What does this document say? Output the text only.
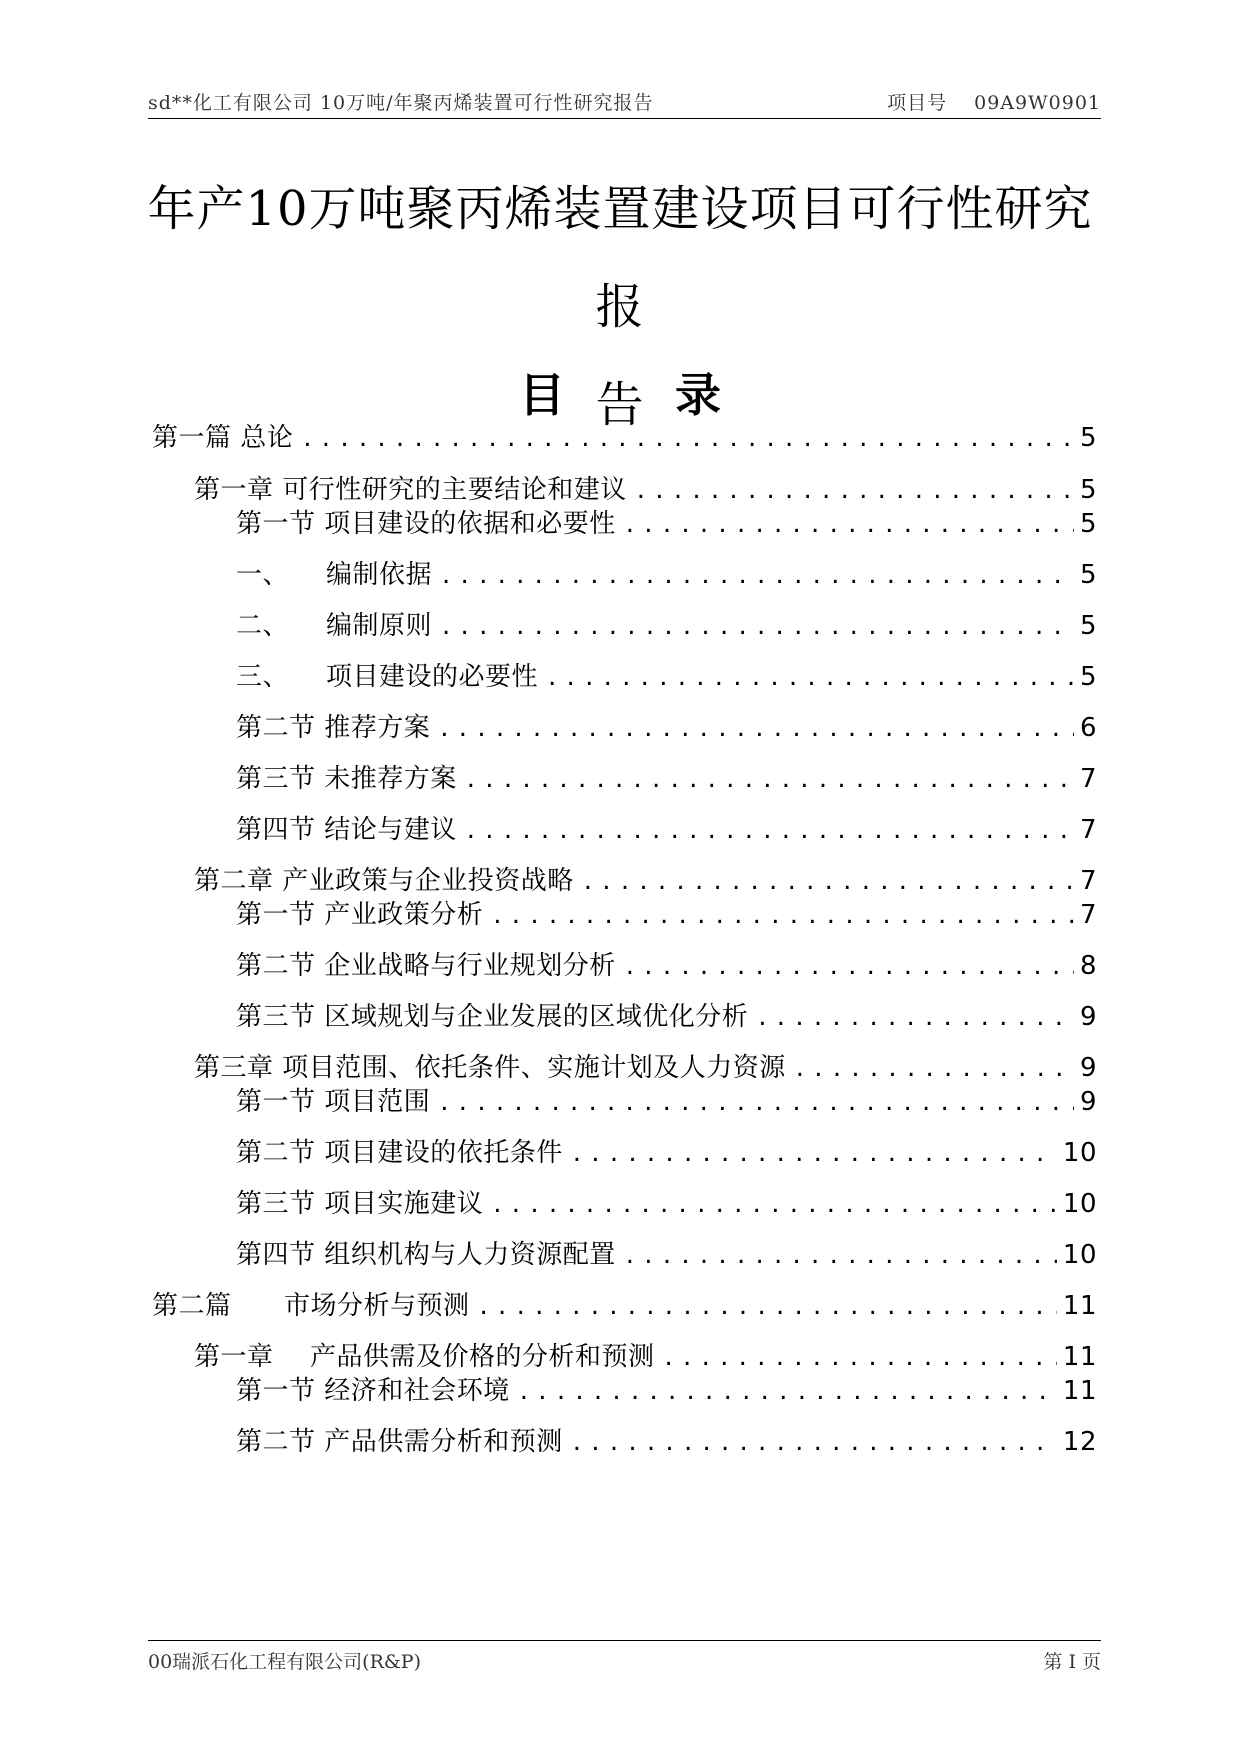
sd**化工有限公司 10万吨/年聚丙烯装置可行性研究报告	项目号 09A9W0901
年产10万吨聚丙烯装置建设项目可行性研究报
告
目 录
第一篇 总论 . . .	5
第一章 可行性研究的主要结论和建议 . . .	5
第一节 项目建设的依据和必要性 . . .	5
一、 编制依据 . . .	5
二、 编制原则 . . .	5
三、 项目建设的必要性 . . .	5
第二节 推荐方案 . . .	6
第三节 未推荐方案 . . .	7
第四节 结论与建议 . . .	7
第二章 产业政策与企业投资战略 . . .	7
第一节 产业政策分析 . . .	7
第二节 企业战略与行业规划分析 . . .	8
第三节 区域规划与企业发展的区域优化分析 . . .	9
第三章 项目范围、依托条件、实施计划及人力资源 . . .	9
第一节 项目范围 . . .	9
第二节 项目建设的依托条件 . . .	10
第三节 项目实施建议 . . .	10
第四节 组织机构与人力资源配置 . . .	10
第二篇 市场分析与预测 . . .	11
第一章 产品供需及价格的分析和预测 . . .	11
第一节 经济和社会环境 . . .	11
第二节 产品供需分析和预测 . . .	12
00瑞派石化工程有限公司(R&P)	第 I 页
